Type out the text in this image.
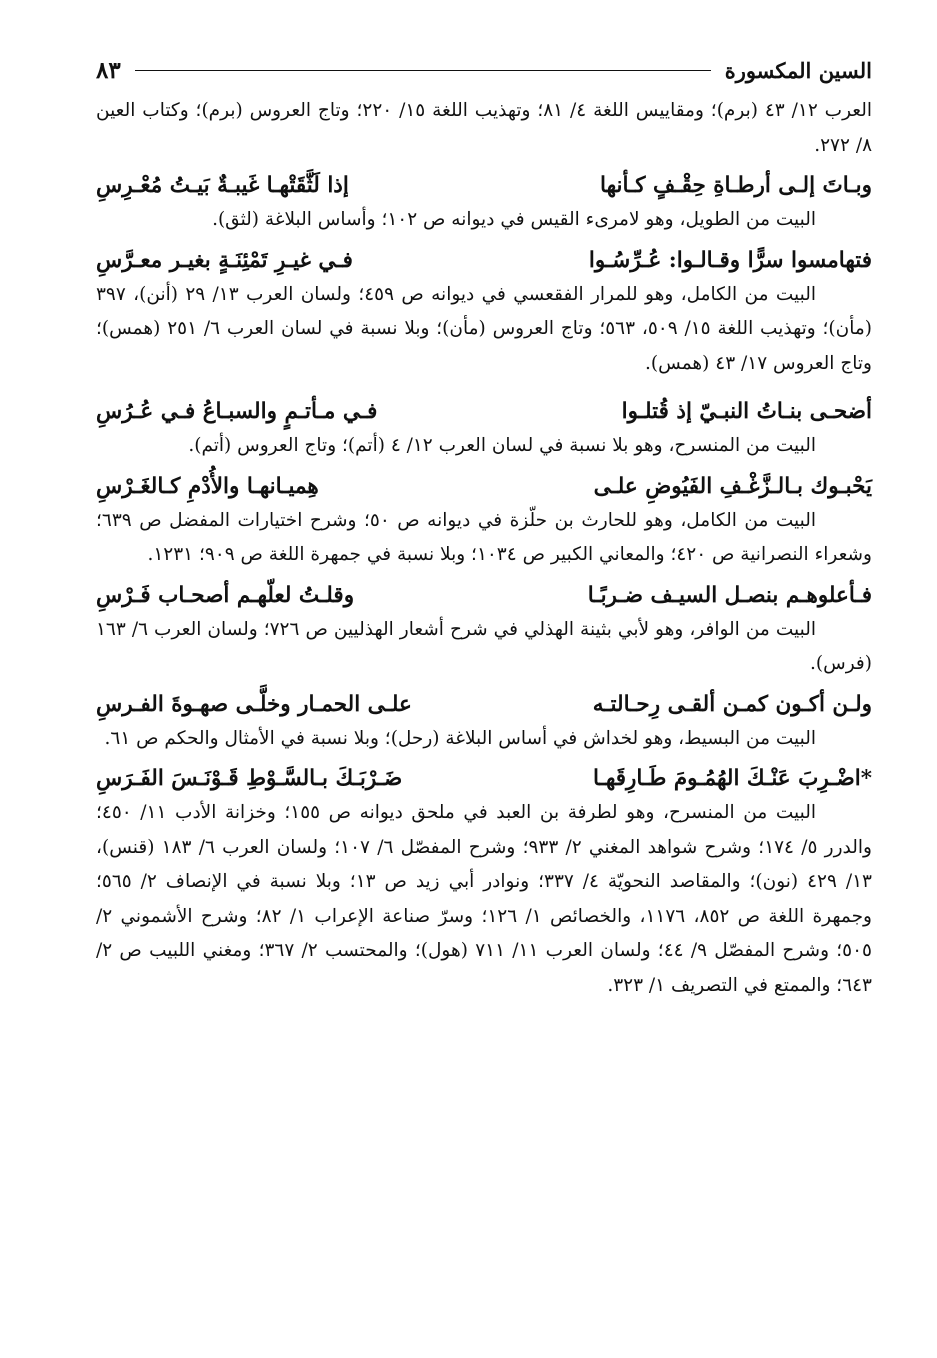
السين المكسورة
٨٣

العرب ١٢/ ٤٣ (برم)؛ ومقاييس اللغة ٤/ ٨١؛ وتهذيب اللغة ١٥/ ٢٢٠؛ وتاج العروس (برم)؛ وكتاب العين ٨/ ٢٧٢.

وبـاتَ إلـى أرطـاةِ حِقْـفٍ كـأنها
إذا لَثَّقَتْهـا غَيبـةٌ بَيـتُ مُعْـرِسِ

البيت من الطويل، وهو لامرىء القيس في ديوانه ص ١٠٢؛ وأساس البلاغة (لثق).

فتهامسوا سرًّا وقـالـوا: عُـرِّسُـوا
فـي غيـرِ تَمْئِنَـةٍ بغيـر معـرَّسِ

البيت من الكامل، وهو للمرار الفقعسي في ديوانه ص ٤٥٩؛ ولسان العرب ١٣/ ٢٩ (أنن)، ٣٩٧ (مأن)؛ وتهذيب اللغة ١٥/ ٥٠٩، ٥٦٣؛ وتاج العروس (مأن)؛ وبلا نسبة في لسان العرب ٦/ ٢٥١ (همس)؛ وتاج العروس ١٧/ ٤٣ (همس).

أضحـى بنـاتُ النبـيّ إذ قُتلـوا
فـي مـأتـمٍ والسبـاعُ فـي عُـرُسِ

البيت من المنسرح، وهو بلا نسبة في لسان العرب ١٢/ ٤ (أتم)؛ وتاج العروس (أتم).

يَحْبـوك بـالـزَّغْـفِ الفَيُوضِ علـى
هِميـانهـا والأُدْمِ كـالغَـرْسِ

البيت من الكامل، وهو للحارث بن حلّزة في ديوانه ص ٥٠؛ وشرح اختيارات المفضل ص ٦٣٩؛ وشعراء النصرانية ص ٤٢٠؛ والمعاني الكبير ص ١٠٣٤؛ وبلا نسبة في جمهرة اللغة ص ٩٠٩؛ ١٢٣١.

فـأعلوهـم بنصـل السيـف ضـربًـا
وقلـتُ لعلّهـم أصحـاب فَـرْسِ

البيت من الوافر، وهو لأبي بثينة الهذلي في شرح أشعار الهذليين ص ٧٢٦؛ ولسان العرب ٦/ ١٦٣ (فرس).

ولـن أكـون كمـن ألقـى رِحـالتـه
علـى الحمـار وخلَّـى صهـوةَ الفـرسِ

البيت من البسيط، وهو لخداش في أساس البلاغة (رحل)؛ وبلا نسبة في الأمثال والحكم ص ٦١.

*اضْـرِبَ عَنْـكَ الهُمُـومَ طَـارِقَهـا
ضَـرْبَـكَ بـالسَّـوْطِ قَـوْنَـسَ الفَـرَسِ

البيت من المنسرح، وهو لطرفة بن العبد في ملحق ديوانه ص ١٥٥؛ وخزانة الأدب ١١/ ٤٥٠؛ والدرر ٥/ ١٧٤؛ وشرح شواهد المغني ٢/ ٩٣٣؛ وشرح المفصّل ٦/ ١٠٧؛ ولسان العرب ٦/ ١٨٣ (قنس)، ١٣/ ٤٢٩ (نون)؛ والمقاصد النحويّة ٤/ ٣٣٧؛ ونوادر أبي زيد ص ١٣؛ وبلا نسبة في الإنصاف ٢/ ٥٦٥؛ وجمهرة اللغة ص ٨٥٢، ١١٧٦، والخصائص ١/ ١٢٦؛ وسرّ صناعة الإعراب ١/ ٨٢؛ وشرح الأشموني ٢/ ٥٠٥؛ وشرح المفصّل ٩/ ٤٤؛ ولسان العرب ١١/ ٧١١ (هول)؛ والمحتسب ٢/ ٣٦٧؛ ومغني اللبيب ص ٢/ ٦٤٣؛ والممتع في التصريف ١/ ٣٢٣.
